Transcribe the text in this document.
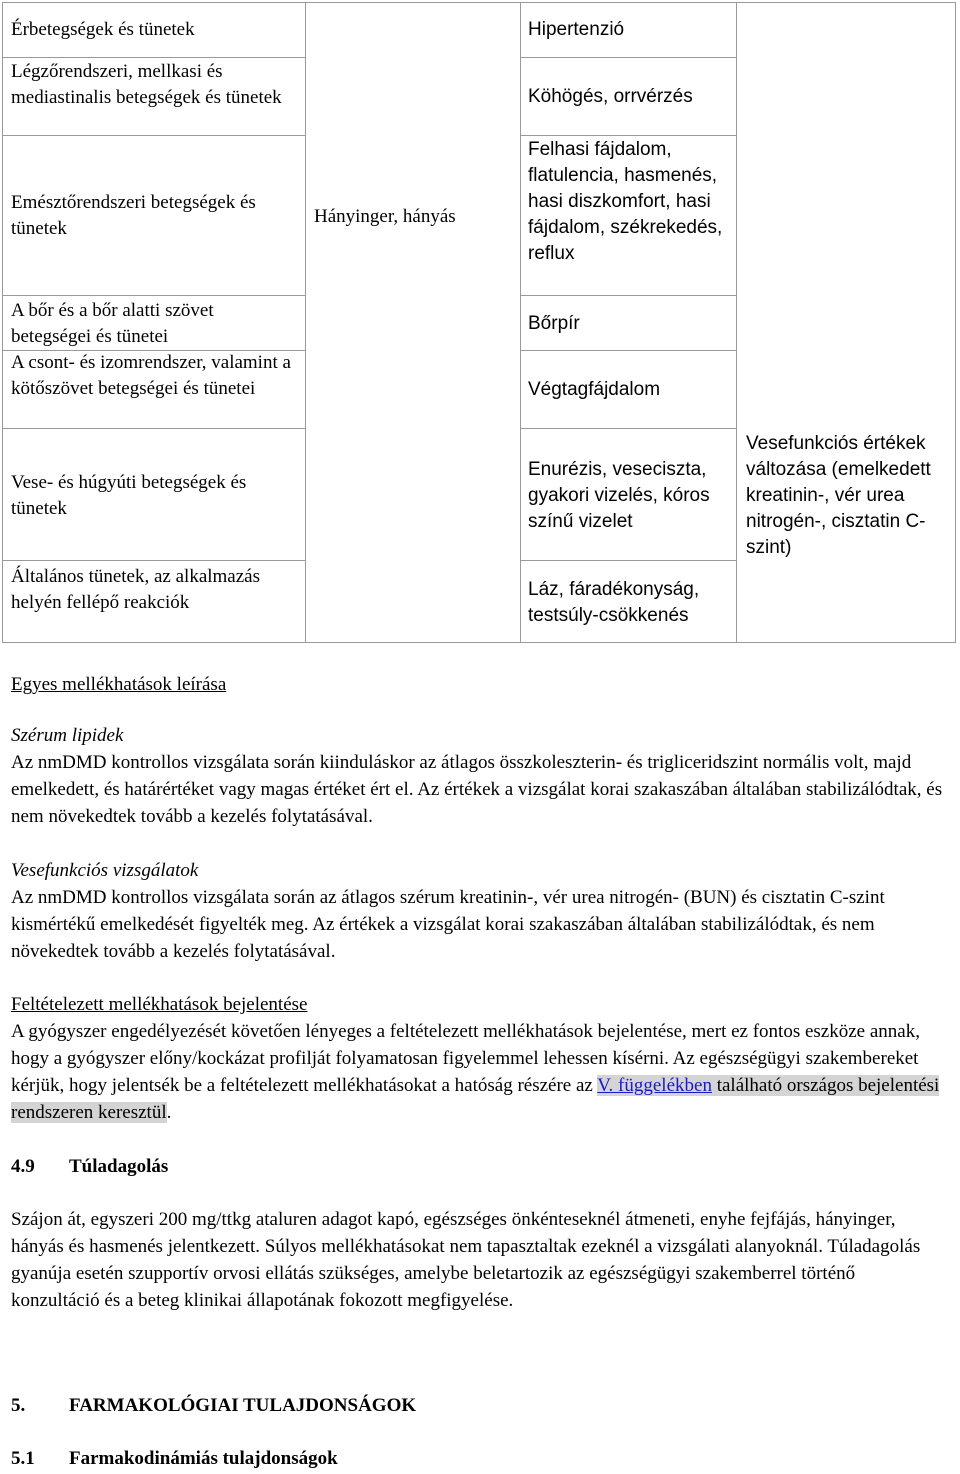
Érbetegségek és tünetek
Légzőrendszeri, mellkasi és mediastinalis betegségek és tünetek
Emésztőrendszeri betegségek és tünetek
A bőr és a bőr alatti szövet betegségei és tünetei
A csont- és izomrendszer, valamint a kötőszövet betegségei és tünetei
Vese- és húgyúti betegségek és tünetek
Általános tünetek, az alkalmazás helyén fellépő reakciók
Hányinger, hányás
Hipertenzió
Köhögés, orrvérzés
Felhasi fájdalom, flatulencia, hasmenés, hasi diszkomfort, hasi fájdalom, székrekedés, reflux
Bőrpír
Végtagfájdalom
Enurézis, veseciszta, gyakori vizelés, kóros színű vizelet
Láz, fáradékonyság, testsúly-csökkenés
Vesefunkciós értékek változása (emelkedett kreatinin-, vér urea nitrogén-, cisztatin C-szint)
Egyes mellékhatások leírása
Szérum lipidek
Az nmDMD kontrollos vizsgálata során kiinduláskor az átlagos összkoleszterin- és trigliceridszint normális volt, majd emelkedett, és határértéket vagy magas értéket ért el. Az értékek a vizsgálat korai szakaszában általában stabilizálódtak, és nem növekedtek tovább a kezelés folytatásával.
Vesefunkciós vizsgálatok
Az nmDMD kontrollos vizsgálata során az átlagos szérum kreatinin-, vér urea nitrogén- (BUN) és cisztatin C-szint kismértékű emelkedését figyelték meg. Az értékek a vizsgálat korai szakaszában általában stabilizálódtak, és nem növekedtek tovább a kezelés folytatásával.
Feltételezett mellékhatások bejelentése
A gyógyszer engedélyezését követően lényeges a feltételezett mellékhatások bejelentése, mert ez fontos eszköze annak, hogy a gyógyszer előny/kockázat profilját folyamatosan figyelemmel lehessen kísérni. Az egészségügyi szakembereket kérjük, hogy jelentsék be a feltételezett mellékhatásokat a hatóság részére az V. függelékben található országos bejelentési rendszeren keresztül.
4.9 Túladagolás
Szájon át, egyszeri 200 mg/ttkg ataluren adagot kapó, egészséges önkénteseknél átmeneti, enyhe fejfájás, hányinger, hányás és hasmenés jelentkezett. Súlyos mellékhatásokat nem tapasztaltak ezeknél a vizsgálati alanyoknál. Túladagolás gyanúja esetén szupportív orvosi ellátás szükséges, amelybe beletartozik az egészségügyi szakemberrel történő konzultáció és a beteg klinikai állapotának fokozott megfigyelése.
5. FARMAKOLÓGIAI TULAJDONSÁGOK
5.1 Farmakodinámiás tulajdonságok
